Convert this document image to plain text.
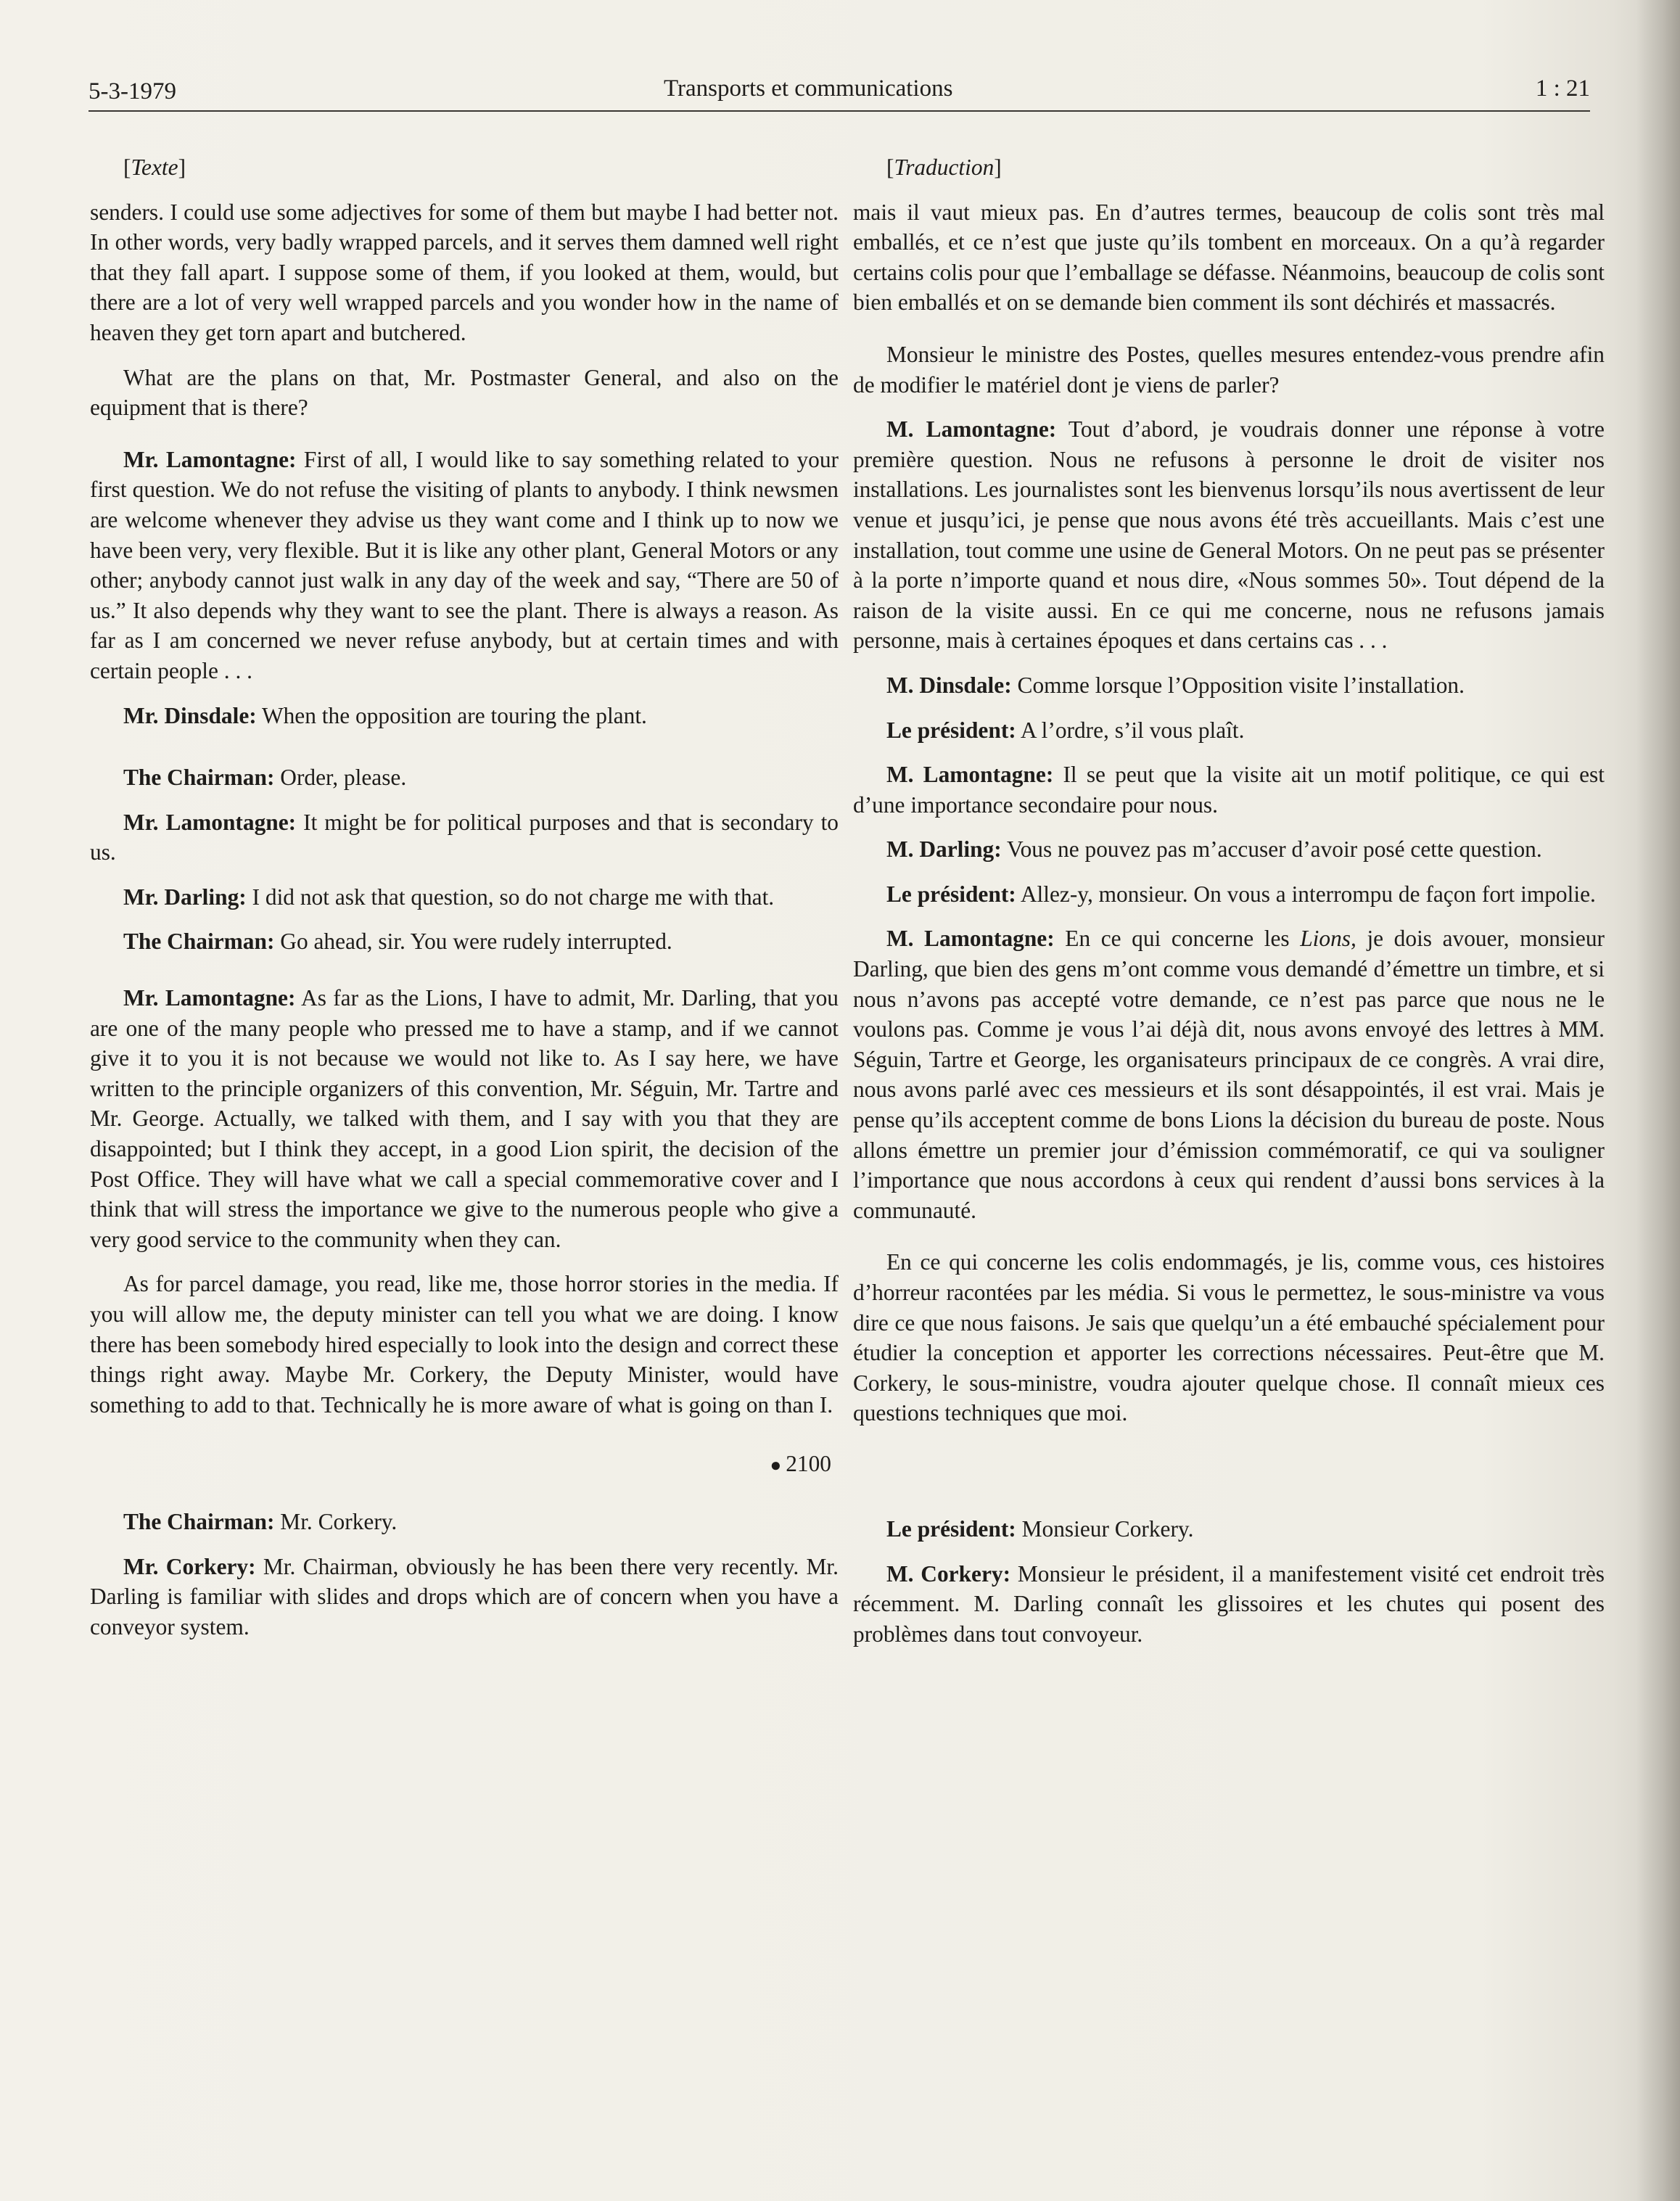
5-3-1979	Transports et communications	1 : 21

[Texte]

senders. I could use some adjectives for some of them but maybe I had better not. In other words, very badly wrapped parcels, and it serves them damned well right that they fall apart. I suppose some of them, if you looked at them, would, but there are a lot of very well wrapped parcels and you wonder how in the name of heaven they get torn apart and butchered.

What are the plans on that, Mr. Postmaster General, and also on the equipment that is there?

Mr. Lamontagne: First of all, I would like to say something related to your first question. We do not refuse the visiting of plants to anybody. I think newsmen are welcome whenever they advise us they want come and I think up to now we have been very, very flexible. But it is like any other plant, General Motors or any other; anybody cannot just walk in any day of the week and say, “There are 50 of us.” It also depends why they want to see the plant. There is always a reason. As far as I am concerned we never refuse anybody, but at certain times and with certain people . . .

Mr. Dinsdale: When the opposition are touring the plant.

The Chairman: Order, please.

Mr. Lamontagne: It might be for political purposes and that is secondary to us.

Mr. Darling: I did not ask that question, so do not charge me with that.

The Chairman: Go ahead, sir. You were rudely interrupted.

Mr. Lamontagne: As far as the Lions, I have to admit, Mr. Darling, that you are one of the many people who pressed me to have a stamp, and if we cannot give it to you it is not because we would not like to. As I say here, we have written to the principle organizers of this convention, Mr. Séguin, Mr. Tartre and Mr. George. Actually, we talked with them, and I say with you that they are disappointed; but I think they accept, in a good Lion spirit, the decision of the Post Office. They will have what we call a special commemorative cover and I think that will stress the importance we give to the numerous people who give a very good service to the community when they can.

As for parcel damage, you read, like me, those horror stories in the media. If you will allow me, the deputy minister can tell you what we are doing. I know there has been somebody hired especially to look into the design and correct these things right away. Maybe Mr. Corkery, the Deputy Minister, would have something to add to that. Technically he is more aware of what is going on than I.

● 2100

The Chairman: Mr. Corkery.

Mr. Corkery: Mr. Chairman, obviously he has been there very recently. Mr. Darling is familiar with slides and drops which are of concern when you have a conveyor system.

[Traduction]

mais il vaut mieux pas. En d’autres termes, beaucoup de colis sont très mal emballés, et ce n’est que juste qu’ils tombent en morceaux. On a qu’à regarder certains colis pour que l’emballage se défasse. Néanmoins, beaucoup de colis sont bien emballés et on se demande bien comment ils sont déchirés et massacrés.

Monsieur le ministre des Postes, quelles mesures entendez-vous prendre afin de modifier le matériel dont je viens de parler?

M. Lamontagne: Tout d’abord, je voudrais donner une réponse à votre première question. Nous ne refusons à personne le droit de visiter nos installations. Les journalistes sont les bienvenus lorsqu’ils nous avertissent de leur venue et jusqu’ici, je pense que nous avons été très accueillants. Mais c’est une installation, tout comme une usine de General Motors. On ne peut pas se présenter à la porte n’importe quand et nous dire, «Nous sommes 50». Tout dépend de la raison de la visite aussi. En ce qui me concerne, nous ne refusons jamais personne, mais à certaines époques et dans certains cas . . .

M. Dinsdale: Comme lorsque l’Opposition visite l’installation.

Le président: A l’ordre, s’il vous plaît.

M. Lamontagne: Il se peut que la visite ait un motif politique, ce qui est d’une importance secondaire pour nous.

M. Darling: Vous ne pouvez pas m’accuser d’avoir posé cette question.

Le président: Allez-y, monsieur. On vous a interrompu de façon fort impolie.

M. Lamontagne: En ce qui concerne les Lions, je dois avouer, monsieur Darling, que bien des gens m’ont comme vous demandé d’émettre un timbre, et si nous n’avons pas accepté votre demande, ce n’est pas parce que nous ne le voulons pas. Comme je vous l’ai déjà dit, nous avons envoyé des lettres à MM. Séguin, Tartre et George, les organisateurs principaux de ce congrès. A vrai dire, nous avons parlé avec ces messieurs et ils sont désappointés, il est vrai. Mais je pense qu’ils acceptent comme de bons Lions la décision du bureau de poste. Nous allons émettre un premier jour d’émission commémoratif, ce qui va souligner l’importance que nous accordons à ceux qui rendent d’aussi bons services à la communauté.

En ce qui concerne les colis endommagés, je lis, comme vous, ces histoires d’horreur racontées par les média. Si vous le permettez, le sous-ministre va vous dire ce que nous faisons. Je sais que quelqu’un a été embauché spécialement pour étudier la conception et apporter les corrections nécessaires. Peut-être que M. Corkery, le sous-ministre, voudra ajouter quelque chose. Il connaît mieux ces questions techniques que moi.

Le président: Monsieur Corkery.

M. Corkery: Monsieur le président, il a manifestement visité cet endroit très récemment. M. Darling connaît les glissoires et les chutes qui posent des problèmes dans tout convoyeur.
